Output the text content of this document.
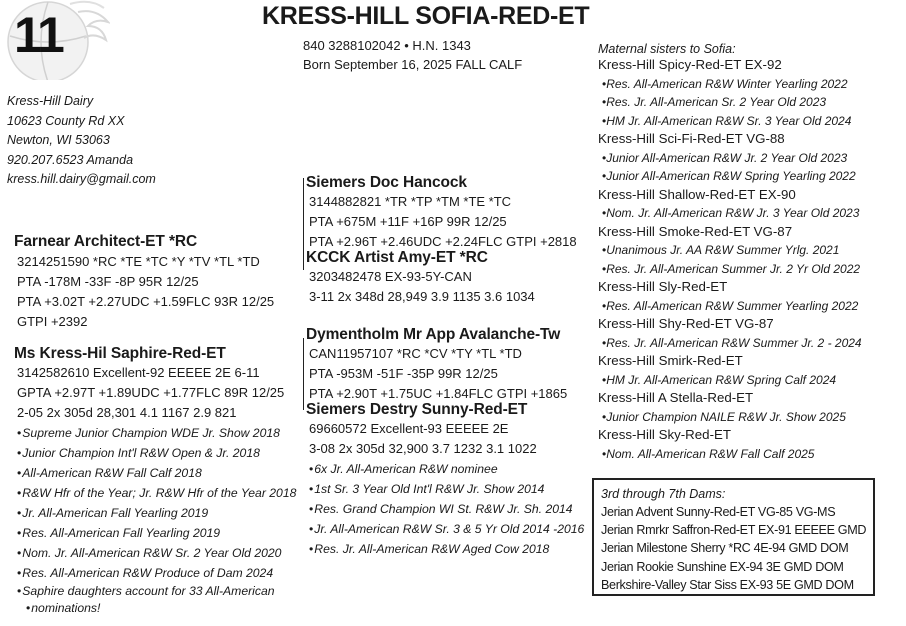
11	KRESS-HILL SOFIA-RED-ET
840 3288102042 • H.N. 1343
Born September 16, 2025 FALL CALF
Kress-Hill Dairy
10623 County Rd XX
Newton, WI 53063
920.207.6523 Amanda
kress.hill.dairy@gmail.com
Farnear Architect-ET *RC
3214251590 *RC *TE *TC *Y *TV *TL *TD
PTA -178M -33F -8P 95R 12/25
PTA +3.02T +2.27UDC +1.59FLC 93R 12/25
GTPI +2392
Ms Kress-Hil Saphire-Red-ET
3142582610 Excellent-92 EEEEE 2E 6-11
GPTA +2.97T +1.89UDC +1.77FLC 89R 12/25
2-05 2x 305d 28,301 4.1 1167 2.9 821
• Supreme Junior Champion WDE Jr. Show 2018
• Junior Champion Int'l R&W Open & Jr. 2018
• All-American R&W Fall Calf 2018
• R&W Hfr of the Year; Jr. R&W Hfr of the Year 2018
• Jr. All-American Fall Yearling 2019
• Res. All-American Fall Yearling 2019
• Nom. Jr. All-American R&W Sr. 2 Year Old 2020
• Res. All-American R&W Produce of Dam 2024
• Saphire daughters account for 33 All-American
• nominations!
Siemers Doc Hancock
3144882821 *TR *TP *TM *TE *TC
PTA +675M +11F +16P 99R 12/25
PTA +2.96T +2.46UDC +2.24FLC GTPI +2818
KCCK Artist Amy-ET *RC
3203482478 EX-93-5Y-CAN
3-11 2x 348d 28,949 3.9 1135 3.6 1034
Dymentholm Mr App Avalanche-Tw
CAN11957107 *RC *CV *TY *TL *TD
PTA -953M -51F -35P 99R 12/25
PTA +2.90T +1.75UC +1.84FLC GTPI +1865
Siemers Destry Sunny-Red-ET
69660572 Excellent-93 EEEEE 2E
3-08 2x 305d 32,900 3.7 1232 3.1 1022
• 6x Jr. All-American R&W nominee
• 1st Sr. 3 Year Old Int'l R&W Jr. Show 2014
• Res. Grand Champion WI St. R&W Jr. Sh. 2014
• Jr. All-American R&W Sr. 3 & 5 Yr Old 2014 -2016
• Res. Jr. All-American R&W Aged Cow 2018
Maternal sisters to Sofia:
Kress-Hill Spicy-Red-ET EX-92
• Res. All-American R&W Winter Yearling 2022
• Res. Jr. All-American Sr. 2 Year Old 2023
• HM Jr. All-American R&W Sr. 3 Year Old 2024
Kress-Hill Sci-Fi-Red-ET VG-88
• Junior All-American R&W Jr. 2 Year Old 2023
• Junior All-American R&W Spring Yearling 2022
Kress-Hill Shallow-Red-ET EX-90
• Nom. Jr. All-American R&W Jr. 3 Year Old 2023
Kress-Hill Smoke-Red-ET VG-87
• Unanimous Jr. AA R&W Summer Yrlg. 2021
• Res. Jr. All-American Summer Jr. 2 Yr Old 2022
Kress-Hill Sly-Red-ET
• Res. All-American R&W Summer Yearling 2022
Kress-Hill Shy-Red-ET VG-87
• Res. Jr. All-American R&W Summer Jr. 2 - 2024
Kress-Hill Smirk-Red-ET
• HM Jr. All-American R&W Spring Calf 2024
Kress-Hill A Stella-Red-ET
• Junior Champion NAILE R&W Jr. Show 2025
Kress-Hill Sky-Red-ET
• Nom. All-American R&W Fall Calf 2025
3rd through 7th Dams:
Jerian Advent Sunny-Red-ET VG-85 VG-MS
Jerian Rmrkr Saffron-Red-ET EX-91 EEEEE GMD
Jerian Milestone Sherry *RC 4E-94 GMD DOM
Jerian Rookie Sunshine EX-94 3E GMD DOM
Berkshire-Valley Star Siss EX-93 5E GMD DOM
